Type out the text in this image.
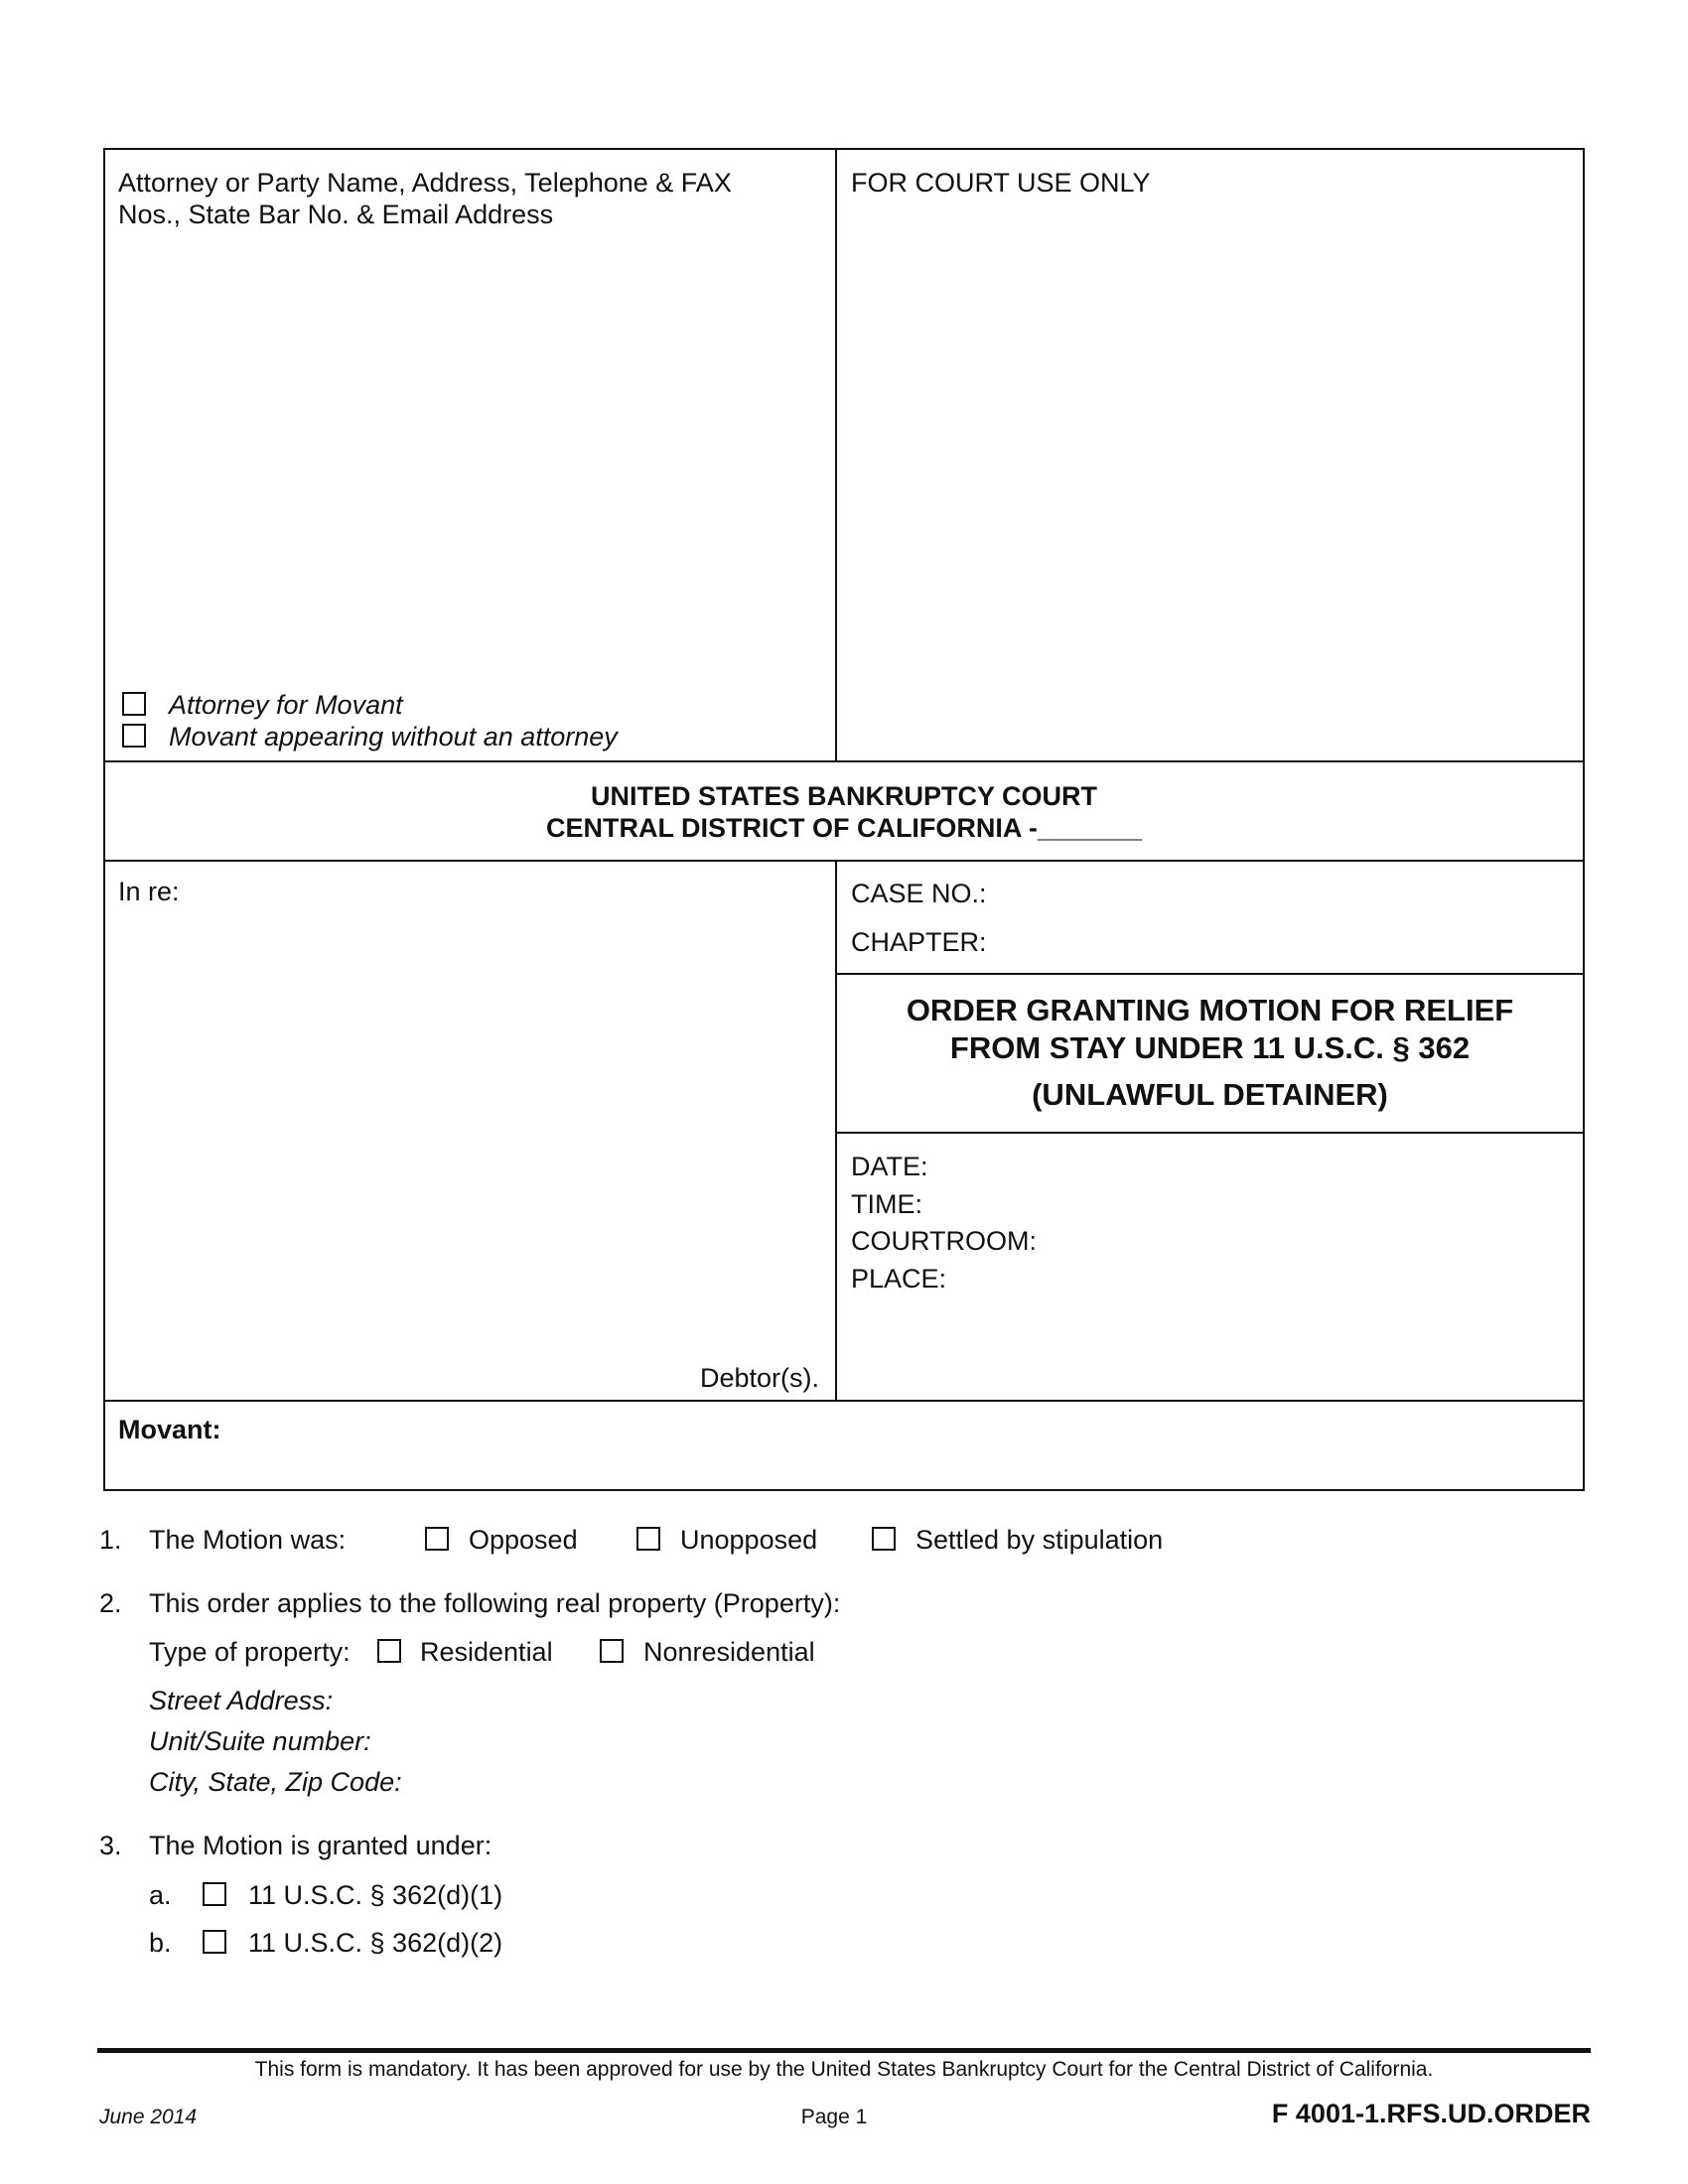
Attorney or Party Name, Address, Telephone & FAX
Nos., State Bar No. & Email Address
Attorney for Movant
Movant appearing without an attorney
FOR COURT USE ONLY
UNITED STATES BANKRUPTCY COURT
CENTRAL DISTRICT OF CALIFORNIA -_______
In re:
Debtor(s).
CASE NO.:
CHAPTER:
ORDER GRANTING MOTION FOR RELIEF
FROM STAY UNDER 11 U.S.C. § 362
(UNLAWFUL DETAINER)
DATE:
TIME:
COURTROOM:
PLACE:
Movant:
1. The Motion was:	Opposed	Unopposed	Settled by stipulation
2. This order applies to the following real property (Property):
Type of property:	Residential	Nonresidential
Street Address:
Unit/Suite number:
City, State, Zip Code:
3. The Motion is granted under:
a.	11 U.S.C. § 362(d)(1)
b.	11 U.S.C. § 362(d)(2)
This form is mandatory. It has been approved for use by the United States Bankruptcy Court for the Central District of California.
June 2014	Page 1	F 4001-1.RFS.UD.ORDER
